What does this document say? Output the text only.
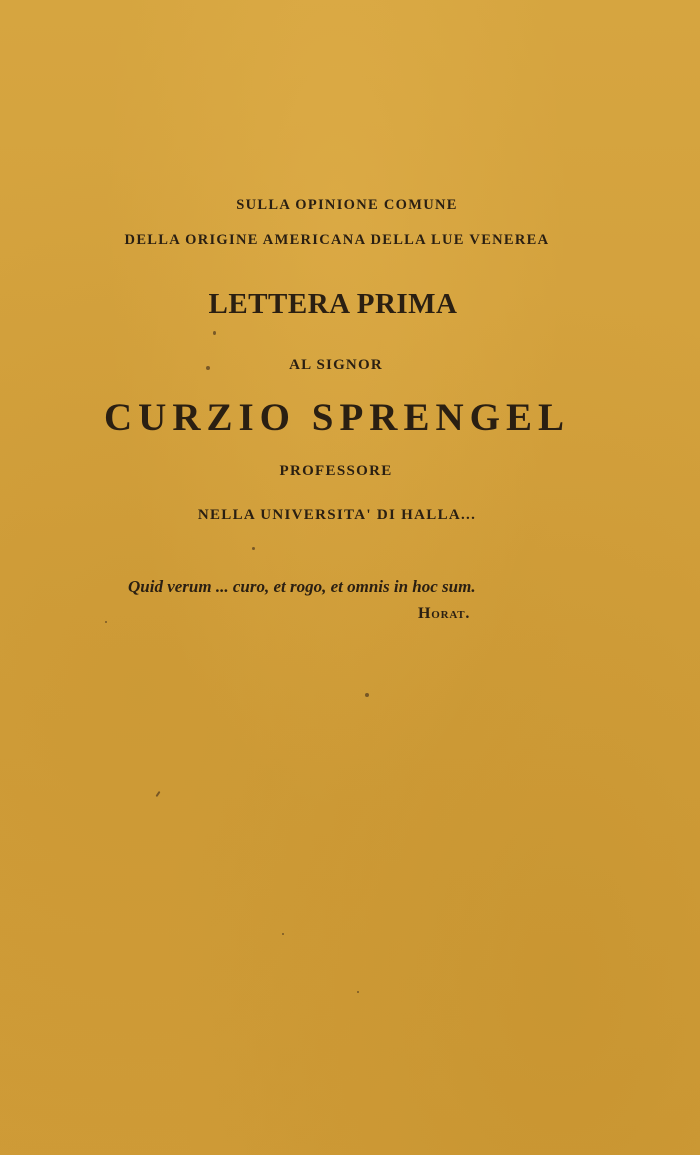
SULLA OPINIONE COMUNE
DELLA ORIGINE AMERICANA DELLA LUE VENEREA
LETTERA PRIMA
AL SIGNOR
CURZIO SPRENGEL
PROFESSORE
NELLA UNIVERSITA' DI HALLA...
Quid verum ... curo, et rogo, et omnis in hoc sum.
Horat.
